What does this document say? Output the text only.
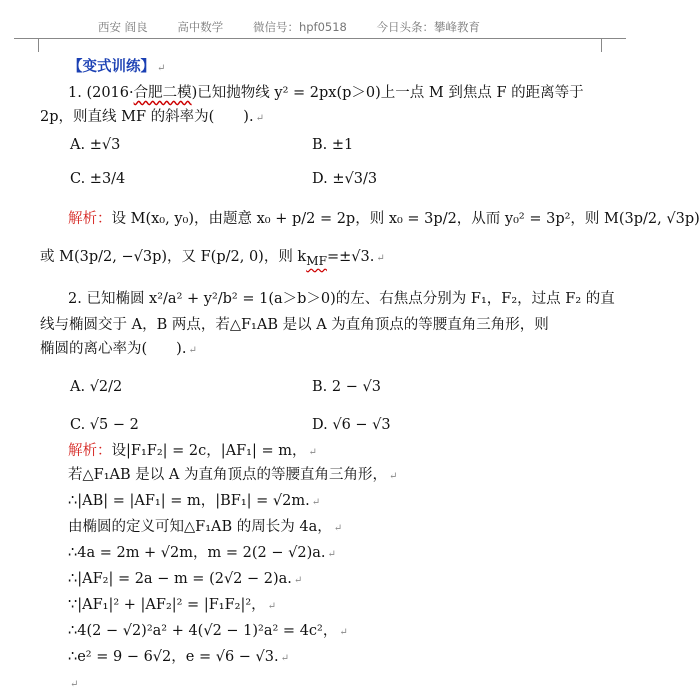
西安 阎良	高中数学	微信号：hpf0518	今日头条：攀峰教育
【变式训练】 ↵
1. (2016·合肥二模)已知抛物线 y² = 2px(p＞0)上一点 M 到焦点 F 的距离等于
2p，则直线 MF 的斜率为(　　). ↵
A. ±√3	B. ±1
C. ±3/4	D. ±√3/3
解析：设 M(x₀, y₀)，由题意 x₀ + p/2 = 2p，则 x₀ = 3p/2，从而 y₀² = 3p²，则 M(3p/2, √3p)
或 M(3p/2, −√3p)，又 F(p/2, 0)，则 $k_{MF}=\pm√3$. ↵
2. 已知椭圆 x²/a² + y²/b² = 1(a＞b＞0)的左、右焦点分别为 F₁，F₂，过点 F₂ 的直
线与椭圆交于 A，B 两点，若△F₁AB 是以 A 为直角顶点的等腰直角三角形，则
椭圆的离心率为(　　). ↵
A. √2/2	B. 2 − √3
C. √5 − 2	D. √6 − √3
解析：设|F₁F₂| = 2c，|AF₁| = m， ↵
若△F₁AB 是以 A 为直角顶点的等腰直角三角形， ↵
∴|AB| = |AF₁| = m，|BF₁| = √2m. ↵
由椭圆的定义可知△F₁AB 的周长为 4a， ↵
∴4a = 2m + √2m，m = 2(2 − √2)a. ↵
∴|AF₂| = 2a − m = (2√2 − 2)a. ↵
∵|AF₁|² + |AF₂|² = |F₁F₂|²， ↵
∴4(2 − √2)²a² + 4(√2 − 1)²a² = 4c²， ↵
∴e² = 9 − 6√2，e = √6 − √3. ↵
↵
